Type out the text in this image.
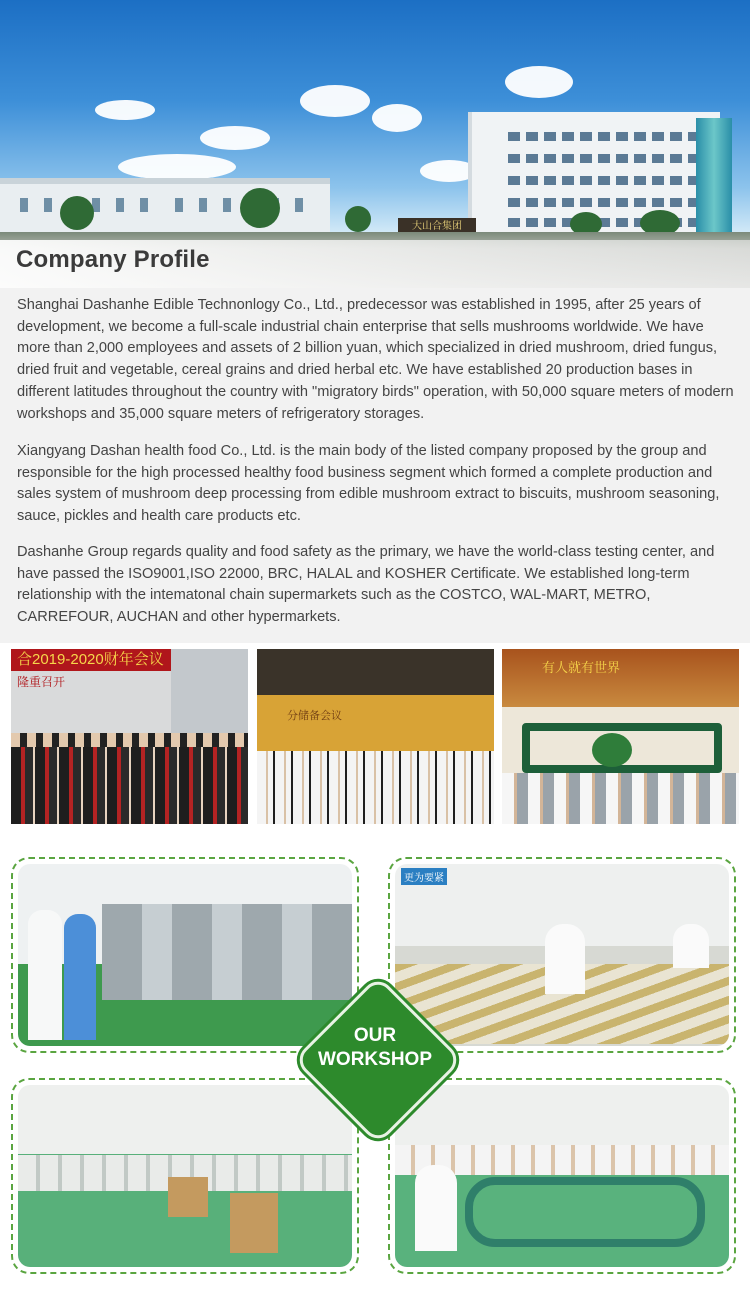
大山合集团
Company Profile

Shanghai Dashanhe Edible Technonlogy Co., Ltd., predecessor was established in 1995, after 25 years of development, we become a full-scale industrial chain enterprise that sells mushrooms worldwide. We have more than 2,000 employees and assets of 2 billion yuan, which specialized in dried mushroom, dried fungus, dried fruit and vegetable, cereal grains and dried herbal etc. We have established 20 production bases in different latitudes throughout the country with "migratory birds" operation, with 50,000 square meters of modern workshops and 35,000 square meters of refrigeratory storages.

Xiangyang Dashan health food Co., Ltd. is the main body of the listed company proposed by the group and responsible for the high processed healthy food business segment which formed a complete production and sales system of mushroom deep processing from edible mushroom extract to biscuits, mushroom seasoning, sauce, pickles and health care products etc.

Dashanhe Group regards quality and food safety as the primary, we have the world-class testing center, and have passed the ISO9001,ISO 22000, BRC, HALAL and KOSHER Certificate. We established long-term relationship with the intematonal chain supermarkets such as the COSTCO, WAL-MART, METRO, CARREFOUR, AUCHAN and other hypermarkets.

合2019-2020财年会议
隆重召开
分储备会议
有人就有世界
更为要紧
OUR
WORKSHOP
